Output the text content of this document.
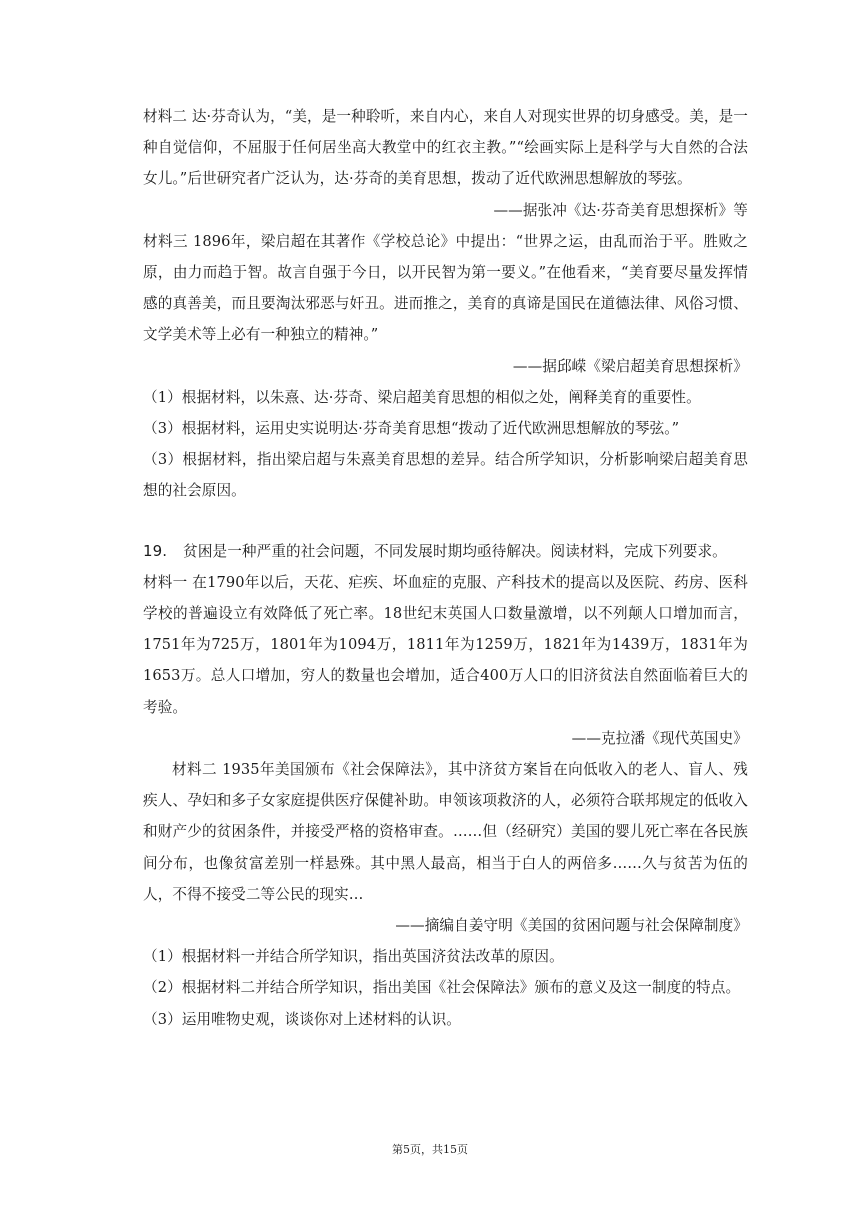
材料二 达·芬奇认为，“美，是一种聆听，来自内心，来自人对现实世界的切身感受。美，是一种自觉信仰，不屈服于任何居坐高大教堂中的红衣主教。”“绘画实际上是科学与大自然的合法女儿。”后世研究者广泛认为，达·芬奇的美育思想，拨动了近代欧洲思想解放的琴弦。

——据张冲《达·芬奇美育思想探析》等

材料三 1896年，梁启超在其著作《学校总论》中提出：“世界之运，由乱而治于平。胜败之原，由力而趋于智。故言自强于今日，以开民智为第一要义。”在他看来，“美育要尽量发挥情感的真善美，而且要淘汰邪恶与奸丑。进而推之，美育的真谛是国民在道德法律、风俗习惯、文学美术等上必有一种独立的精神。”

——据邱嵘《梁启超美育思想探析》

（1）根据材料，以朱熹、达·芬奇、梁启超美育思想的相似之处，阐释美育的重要性。

（3）根据材料，运用史实说明达·芬奇美育思想“拨动了近代欧洲思想解放的琴弦。”

（3）根据材料，指出梁启超与朱熹美育思想的差异。结合所学知识，分析影响梁启超美育思想的社会原因。

19. 贫困是一种严重的社会问题，不同发展时期均亟待解决。阅读材料，完成下列要求。

材料一 在1790年以后，天花、疟疾、坏血症的克服、产科技术的提高以及医院、药房、医科学校的普遍设立有效降低了死亡率。18世纪末英国人口数量激增，以不列颠人口增加而言，1751年为725万，1801年为1094万，1811年为1259万，1821年为1439万，1831年为1653万。总人口增加，穷人的数量也会增加，适合400万人口的旧济贫法自然面临着巨大的考验。

——克拉潘《现代英国史》

材料二 1935年美国颁布《社会保障法》，其中济贫方案旨在向低收入的老人、盲人、残疾人、孕妇和多子女家庭提供医疗保健补助。申领该项救济的人，必须符合联邦规定的低收入和财产少的贫困条件，并接受严格的资格审查。……但（经研究）美国的婴儿死亡率在各民族间分布，也像贫富差别一样悬殊。其中黑人最高，相当于白人的两倍多……久与贫苦为伍的人，不得不接受二等公民的现实…

——摘编自姜守明《美国的贫困问题与社会保障制度》

（1）根据材料一并结合所学知识，指出英国济贫法改革的原因。

（2）根据材料二并结合所学知识，指出美国《社会保障法》颁布的意义及这一制度的特点。

（3）运用唯物史观，谈谈你对上述材料的认识。

第5页，共15页
